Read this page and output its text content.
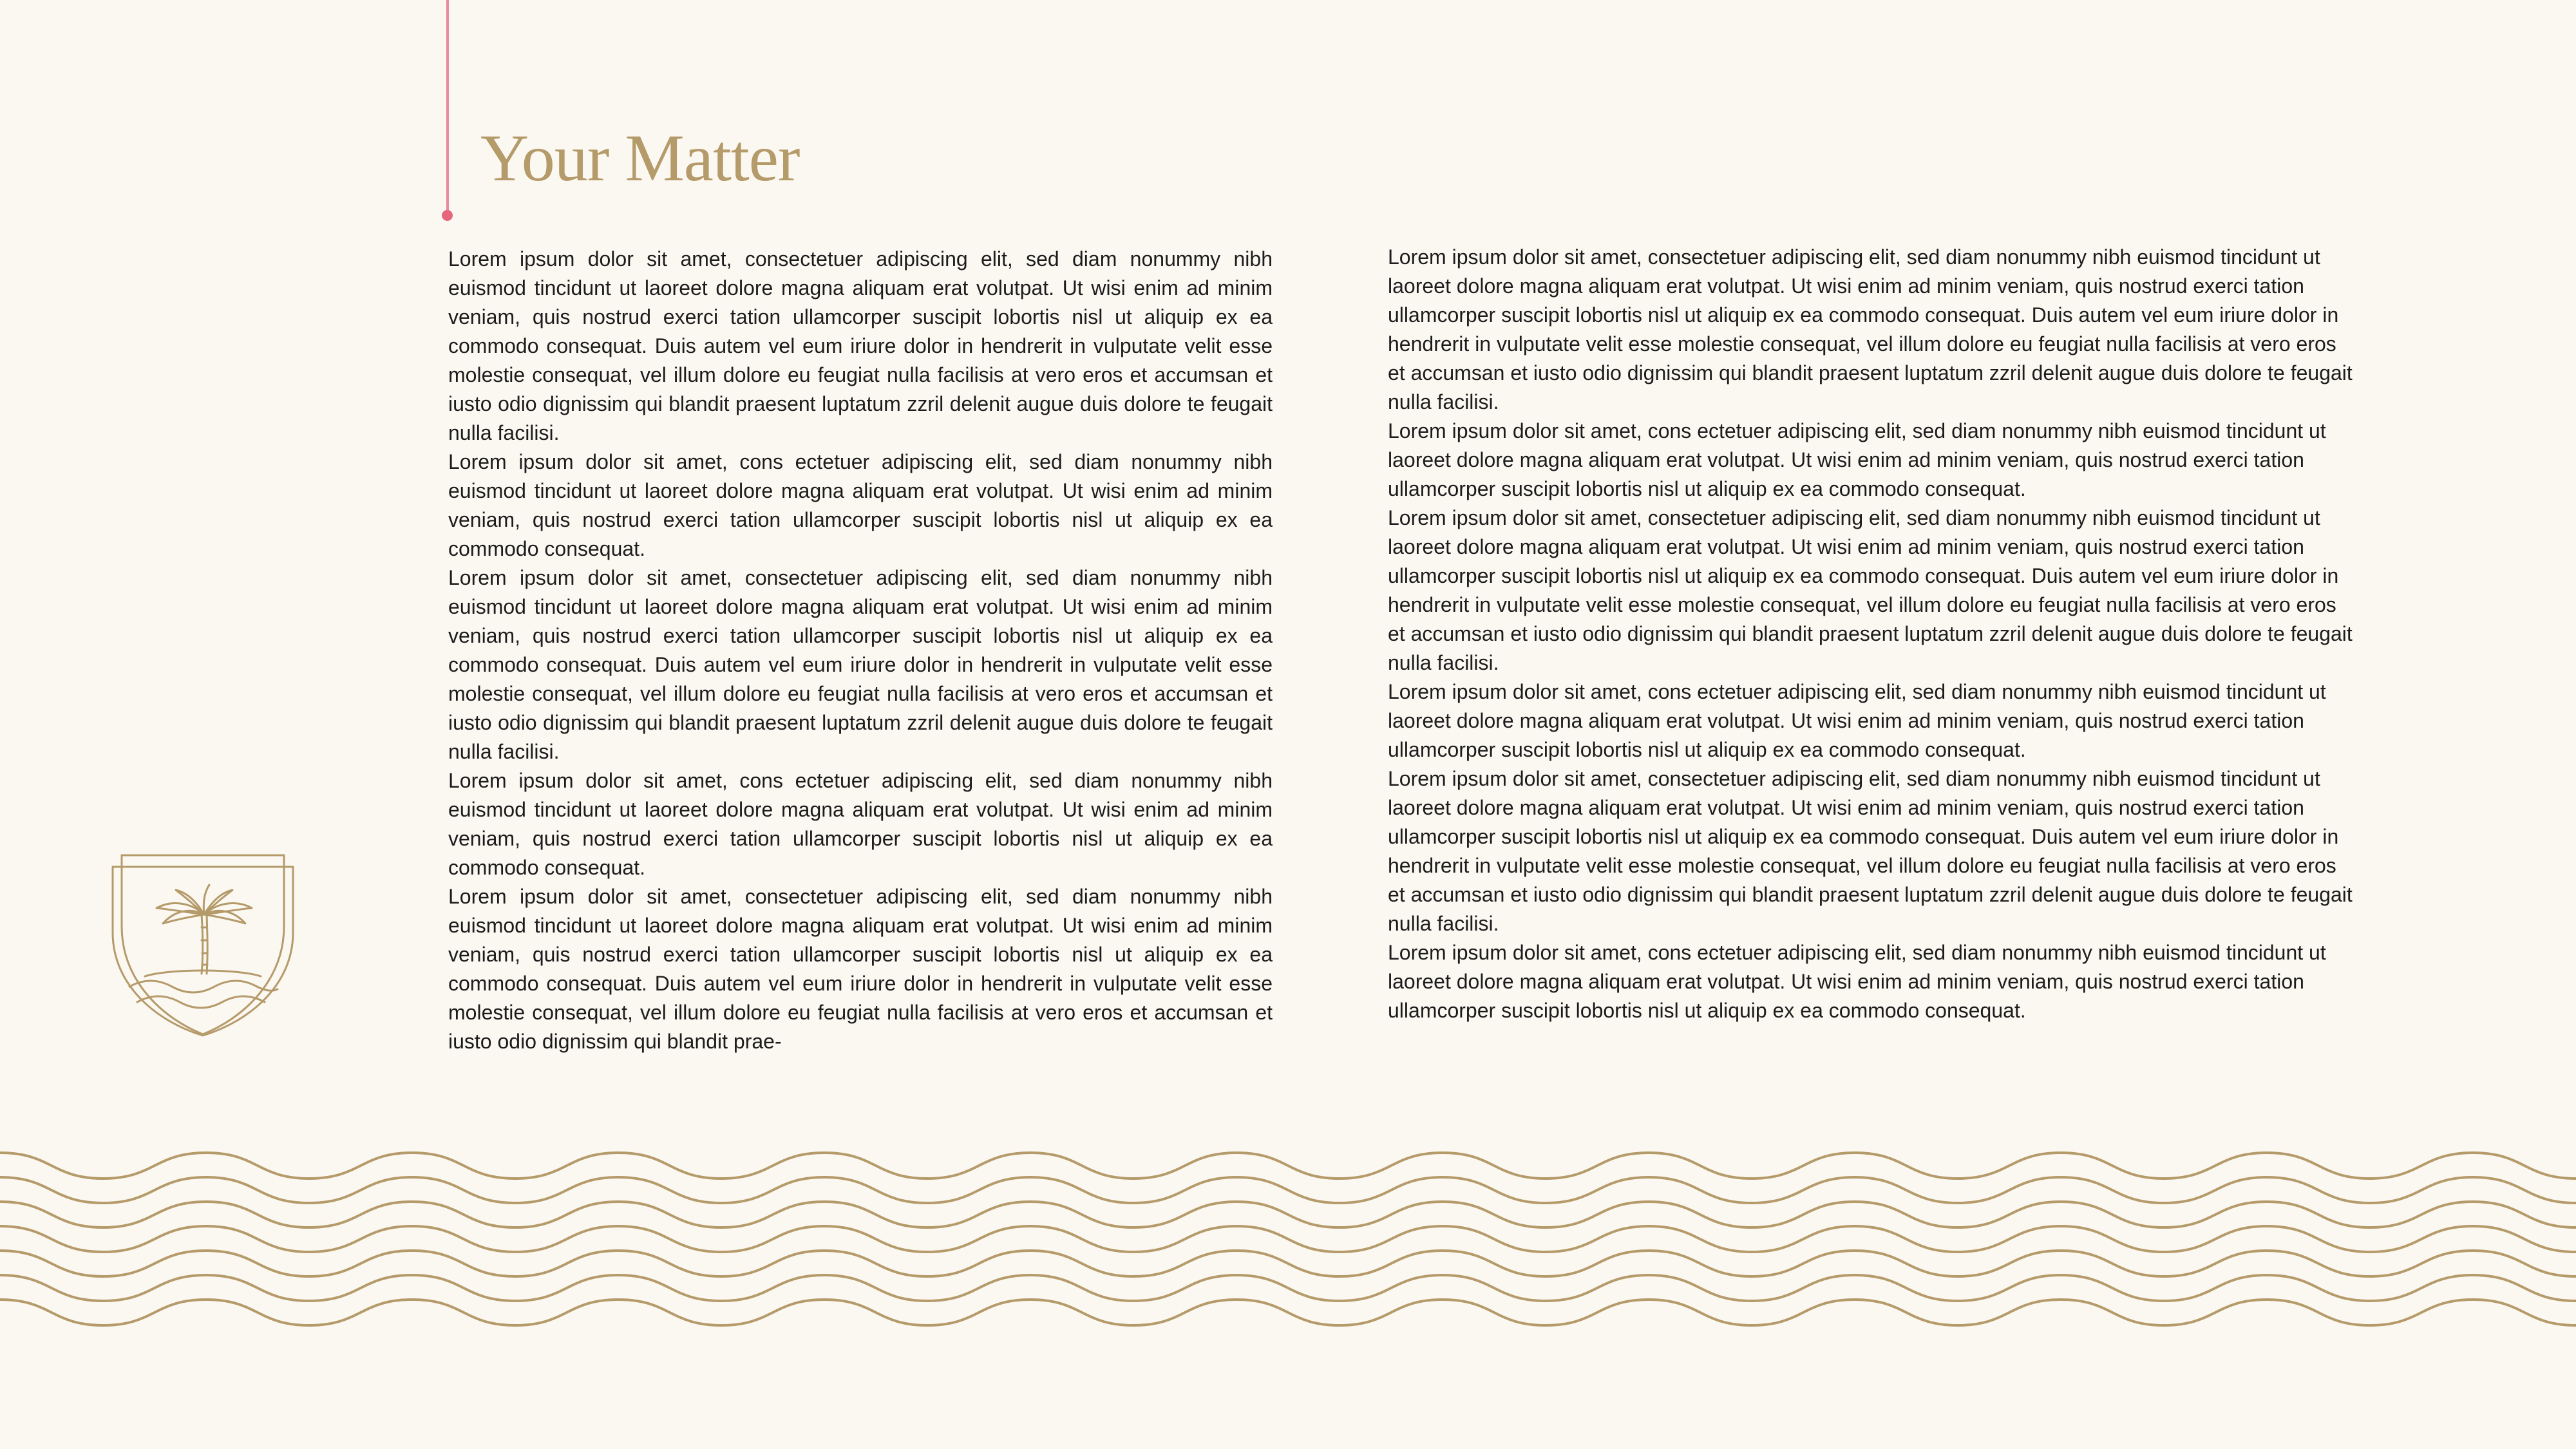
Your Matter

Lorem ipsum dolor sit amet, consectetuer adipiscing elit, sed diam nonummy nibh euismod tincidunt ut laoreet dolore magna aliquam erat volutpat. Ut wisi enim ad minim veniam, quis nostrud exerci tation ullamcorper suscipit lobortis nisl ut aliquip ex ea commodo consequat. Duis autem vel eum iriure dolor in hendrerit in vulputate velit esse molestie consequat, vel illum dolore eu feugiat nulla facilisis at vero eros et accumsan et iusto odio dignissim qui blandit praesent luptatum zzril delenit augue duis dolore te feugait nulla facilisi.

Lorem ipsum dolor sit amet, cons ectetuer adipiscing elit, sed diam nonummy nibh euismod tincidunt ut laoreet dolore magna aliquam erat volutpat. Ut wisi enim ad minim veniam, quis nostrud exerci tation ullamcorper suscipit lobortis nisl ut aliquip ex ea commodo consequat.

Lorem ipsum dolor sit amet, consectetuer adipiscing elit, sed diam nonummy nibh euismod tincidunt ut laoreet dolore magna aliquam erat volutpat. Ut wisi enim ad minim veniam, quis nostrud exerci tation ullamcorper suscipit lobortis nisl ut aliquip ex ea commodo consequat. Duis autem vel eum iriure dolor in hendrerit in vulputate velit esse molestie consequat, vel illum dolore eu feugiat nulla facilisis at vero eros et accumsan et iusto odio dignissim qui blandit praesent luptatum zzril delenit augue duis dolore te feugait nulla facilisi.

Lorem ipsum dolor sit amet, cons ectetuer adipiscing elit, sed diam nonummy nibh euismod tincidunt ut laoreet dolore magna aliquam erat volutpat. Ut wisi enim ad minim veniam, quis nostrud exerci tation ullamcorper suscipit lobortis nisl ut aliquip ex ea commodo consequat.

Lorem ipsum dolor sit amet, consectetuer adipiscing elit, sed diam nonummy nibh euismod tincidunt ut laoreet dolore magna aliquam erat volutpat. Ut wisi enim ad minim veniam, quis nostrud exerci tation ullamcorper suscipit lobortis nisl ut aliquip ex ea commodo consequat. Duis autem vel eum iriure dolor in hendrerit in vulputate velit esse molestie consequat, vel illum dolore eu feugiat nulla facilisis at vero eros et accumsan et iusto odio dignissim qui blandit prae-

Lorem ipsum dolor sit amet, consectetuer adipiscing elit, sed diam nonummy nibh euismod tincidunt ut laoreet dolore magna aliquam erat volutpat. Ut wisi enim ad minim veniam, quis nostrud exerci tation ullamcorper suscipit lobortis nisl ut aliquip ex ea commodo consequat. Duis autem vel eum iriure dolor in hendrerit in vulputate velit esse molestie consequat, vel illum dolore eu feugiat nulla facilisis at vero eros et accumsan et iusto odio dignissim qui blandit praesent luptatum zzril delenit augue duis dolore te feugait nulla facilisi.

Lorem ipsum dolor sit amet, cons ectetuer adipiscing elit, sed diam nonummy nibh euismod tincidunt ut laoreet dolore magna aliquam erat volutpat. Ut wisi enim ad minim veniam, quis nostrud exerci tation ullamcorper suscipit lobortis nisl ut aliquip ex ea commodo consequat.

Lorem ipsum dolor sit amet, consectetuer adipiscing elit, sed diam nonummy nibh euismod tincidunt ut laoreet dolore magna aliquam erat volutpat. Ut wisi enim ad minim veniam, quis nostrud exerci tation ullamcorper suscipit lobortis nisl ut aliquip ex ea commodo consequat. Duis autem vel eum iriure dolor in hendrerit in vulputate velit esse molestie consequat, vel illum dolore eu feugiat nulla facilisis at vero eros et accumsan et iusto odio dignissim qui blandit praesent luptatum zzril delenit augue duis dolore te feugait nulla facilisi.

Lorem ipsum dolor sit amet, cons ectetuer adipiscing elit, sed diam nonummy nibh euismod tincidunt ut laoreet dolore magna aliquam erat volutpat. Ut wisi enim ad minim veniam, quis nostrud exerci tation ullamcorper suscipit lobortis nisl ut aliquip ex ea commodo consequat.

Lorem ipsum dolor sit amet, consectetuer adipiscing elit, sed diam nonummy nibh euismod tincidunt ut laoreet dolore magna aliquam erat volutpat. Ut wisi enim ad minim veniam, quis nostrud exerci tation ullamcorper suscipit lobortis nisl ut aliquip ex ea commodo consequat. Duis autem vel eum iriure dolor in hendrerit in vulputate velit esse molestie consequat, vel illum dolore eu feugiat nulla facilisis at vero eros et accumsan et iusto odio dignissim qui blandit praesent luptatum zzril delenit augue duis dolore te feugait nulla facilisi.

Lorem ipsum dolor sit amet, cons ectetuer adipiscing elit, sed diam nonummy nibh euismod tincidunt ut laoreet dolore magna aliquam erat volutpat. Ut wisi enim ad minim veniam, quis nostrud exerci tation ullamcorper suscipit lobortis nisl ut aliquip ex ea commodo consequat.
